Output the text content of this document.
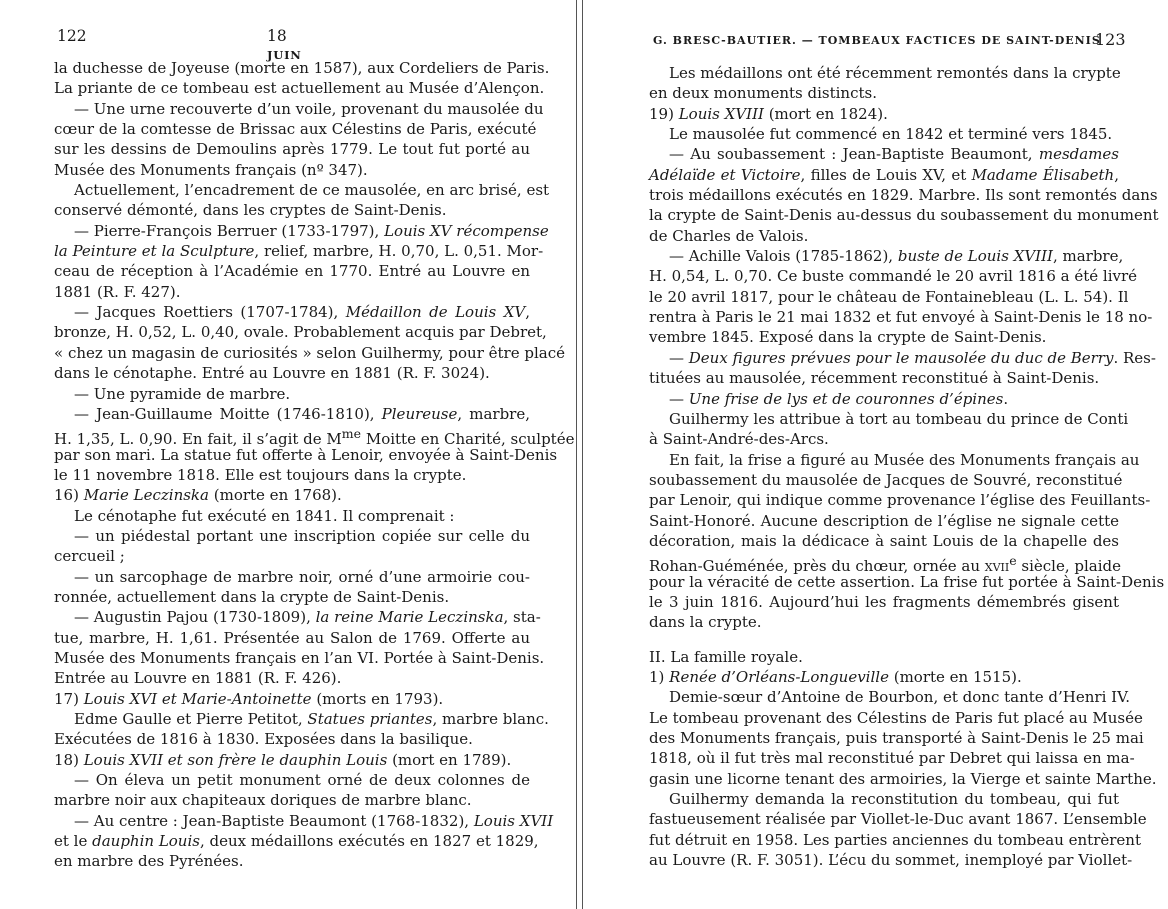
122	18 JUIN
la duchesse de Joyeuse (morte en 1587), aux Cordeliers de Paris.
La priante de ce tombeau est actuellement au Musée d’Alençon.
— Une urne recouverte d’un voile, provenant du mausolée du
cœur de la comtesse de Brissac aux Célestins de Paris, exécuté
sur les dessins de Demoulins après 1779. Le tout fut porté au
Musée des Monuments français (nº 347).
Actuellement, l’encadrement de ce mausolée, en arc brisé, est
conservé démonté, dans les cryptes de Saint-Denis.
— Pierre-François Berruer (1733-1797), Louis XV récompense
la Peinture et la Sculpture, relief, marbre, H. 0,70, L. 0,51. Mor-
ceau de réception à l’Académie en 1770. Entré au Louvre en
1881 (R. F. 427).
— Jacques Roettiers (1707-1784), Médaillon de Louis XV,
bronze, H. 0,52, L. 0,40, ovale. Probablement acquis par Debret,
« chez un magasin de curiosités » selon Guilhermy, pour être placé
dans le cénotaphe. Entré au Louvre en 1881 (R. F. 3024).
— Une pyramide de marbre.
— Jean-Guillaume Moitte (1746-1810), Pleureuse, marbre,
H. 1,35, L. 0,90. En fait, il s’agit de $M^{me}$ Moitte en Charité, sculptée
par son mari. La statue fut offerte à Lenoir, envoyée à Saint-Denis
le 11 novembre 1818. Elle est toujours dans la crypte.
16) Marie Leczinska (morte en 1768).
Le cénotaphe fut exécuté en 1841. Il comprenait :
— un piédestal portant une inscription copiée sur celle du
cercueil ;
— un sarcophage de marbre noir, orné d’une armoirie cou-
ronnée, actuellement dans la crypte de Saint-Denis.
— Augustin Pajou (1730-1809), la reine Marie Leczinska, sta-
tue, marbre, H. 1,61. Présentée au Salon de 1769. Offerte au
Musée des Monuments français en l’an VI. Portée à Saint-Denis.
Entrée au Louvre en 1881 (R. F. 426).
17) Louis XVI et Marie-Antoinette (morts en 1793).
Edme Gaulle et Pierre Petitot, Statues priantes, marbre blanc.
Exécutées de 1816 à 1830. Exposées dans la basilique.
18) Louis XVII et son frère le dauphin Louis (mort en 1789).
— On éleva un petit monument orné de deux colonnes de
marbre noir aux chapiteaux doriques de marbre blanc.
— Au centre : Jean-Baptiste Beaumont (1768-1832), Louis XVII
et le dauphin Louis, deux médaillons exécutés en 1827 et 1829,
en marbre des Pyrénées.
G. BRESC-BAUTIER. — TOMBEAUX FACTICES DE SAINT-DENIS
123
Les médaillons ont été récemment remontés dans la crypte
en deux monuments distincts.
19) Louis XVIII (mort en 1824).
Le mausolée fut commencé en 1842 et terminé vers 1845.
— Au soubassement : Jean-Baptiste Beaumont, mesdames
Adélaïde et Victoire, filles de Louis XV, et Madame Élisabeth,
trois médaillons exécutés en 1829. Marbre. Ils sont remontés dans
la crypte de Saint-Denis au-dessus du soubassement du monument
de Charles de Valois.
— Achille Valois (1785-1862), buste de Louis XVIII, marbre,
H. 0,54, L. 0,70. Ce buste commandé le 20 avril 1816 a été livré
le 20 avril 1817, pour le château de Fontainebleau (L. L. 54). Il
rentra à Paris le 21 mai 1832 et fut envoyé à Saint-Denis le 18 no-
vembre 1845. Exposé dans la crypte de Saint-Denis.
— Deux figures prévues pour le mausolée du duc de Berry. Res-
tituées au mausolée, récemment reconstitué à Saint-Denis.
— Une frise de lys et de couronnes d’épines.
Guilhermy les attribue à tort au tombeau du prince de Conti
à Saint-André-des-Arcs.
En fait, la frise a figuré au Musée des Monuments français au
soubassement du mausolée de Jacques de Souvré, reconstitué
par Lenoir, qui indique comme provenance l’église des Feuillants-
Saint-Honoré. Aucune description de l’église ne signale cette
décoration, mais la dédicace à saint Louis de la chapelle des
Rohan-Guéménée, près du chœur, ornée au XVIIe siècle, plaide
pour la véracité de cette assertion. La frise fut portée à Saint-Denis
le 3 juin 1816. Aujourd’hui les fragments démembrés gisent
dans la crypte.
II. La famille royale.
1) Renée d’Orléans-Longueville (morte en 1515).
Demie-sœur d’Antoine de Bourbon, et donc tante d’Henri IV.
Le tombeau provenant des Célestins de Paris fut placé au Musée
des Monuments français, puis transporté à Saint-Denis le 25 mai
1818, où il fut très mal reconstitué par Debret qui laissa en ma-
gasin une licorne tenant des armoiries, la Vierge et sainte Marthe.
Guilhermy demanda la reconstitution du tombeau, qui fut
fastueusement réalisée par Viollet-le-Duc avant 1867. L’ensemble
fut détruit en 1958. Les parties anciennes du tombeau entrèrent
au Louvre (R. F. 3051). L’écu du sommet, inemployé par Viollet-
